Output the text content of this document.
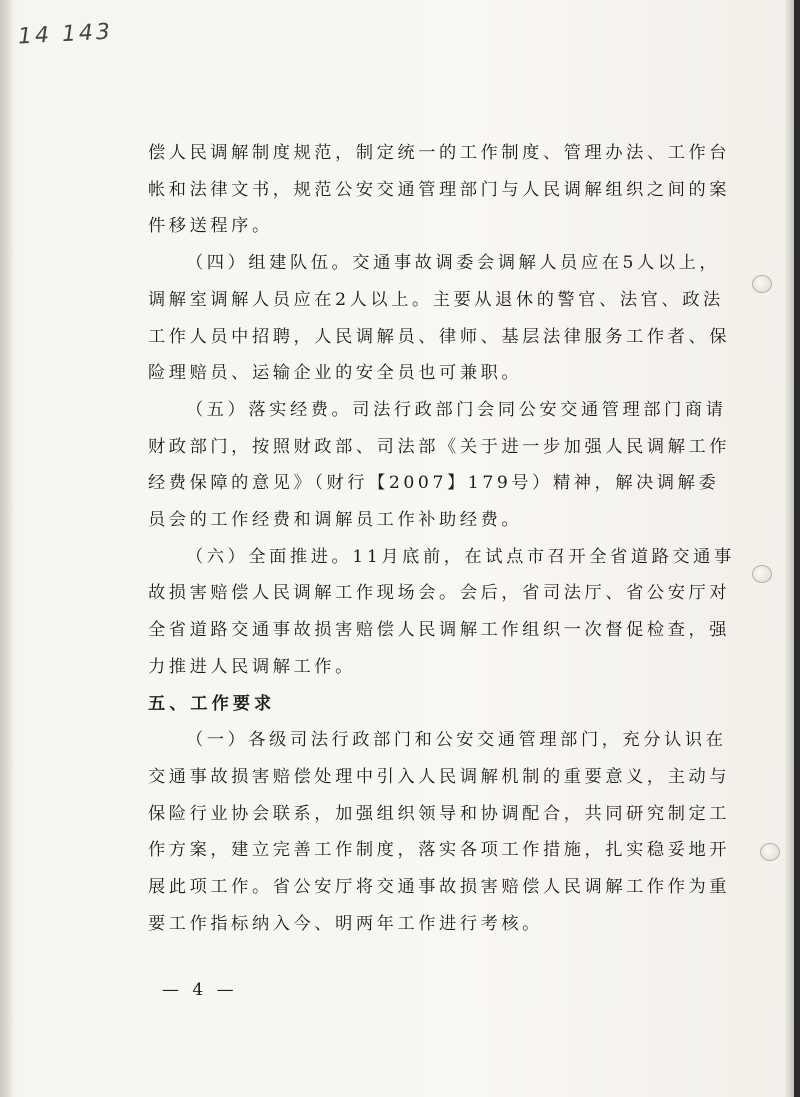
14 143

偿人民调解制度规范，制定统一的工作制度、管理办法、工作台帐和法律文书，规范公安交通管理部门与人民调解组织之间的案件移送程序。

（四）组建队伍。交通事故调委会调解人员应在5人以上，调解室调解人员应在2人以上。主要从退休的警官、法官、政法工作人员中招聘，人民调解员、律师、基层法律服务工作者、保险理赔员、运输企业的安全员也可兼职。

（五）落实经费。司法行政部门会同公安交通管理部门商请财政部门，按照财政部、司法部《关于进一步加强人民调解工作经费保障的意见》（财行【2007】179号）精神，解决调解委员会的工作经费和调解员工作补助经费。

（六）全面推进。11月底前，在试点市召开全省道路交通事故损害赔偿人民调解工作现场会。会后，省司法厅、省公安厅对全省道路交通事故损害赔偿人民调解工作组织一次督促检查，强力推进人民调解工作。

五、工作要求

（一）各级司法行政部门和公安交通管理部门，充分认识在交通事故损害赔偿处理中引入人民调解机制的重要意义，主动与保险行业协会联系，加强组织领导和协调配合，共同研究制定工作方案，建立完善工作制度，落实各项工作措施，扎实稳妥地开展此项工作。省公安厅将交通事故损害赔偿人民调解工作作为重要工作指标纳入今、明两年工作进行考核。

— 4 —
